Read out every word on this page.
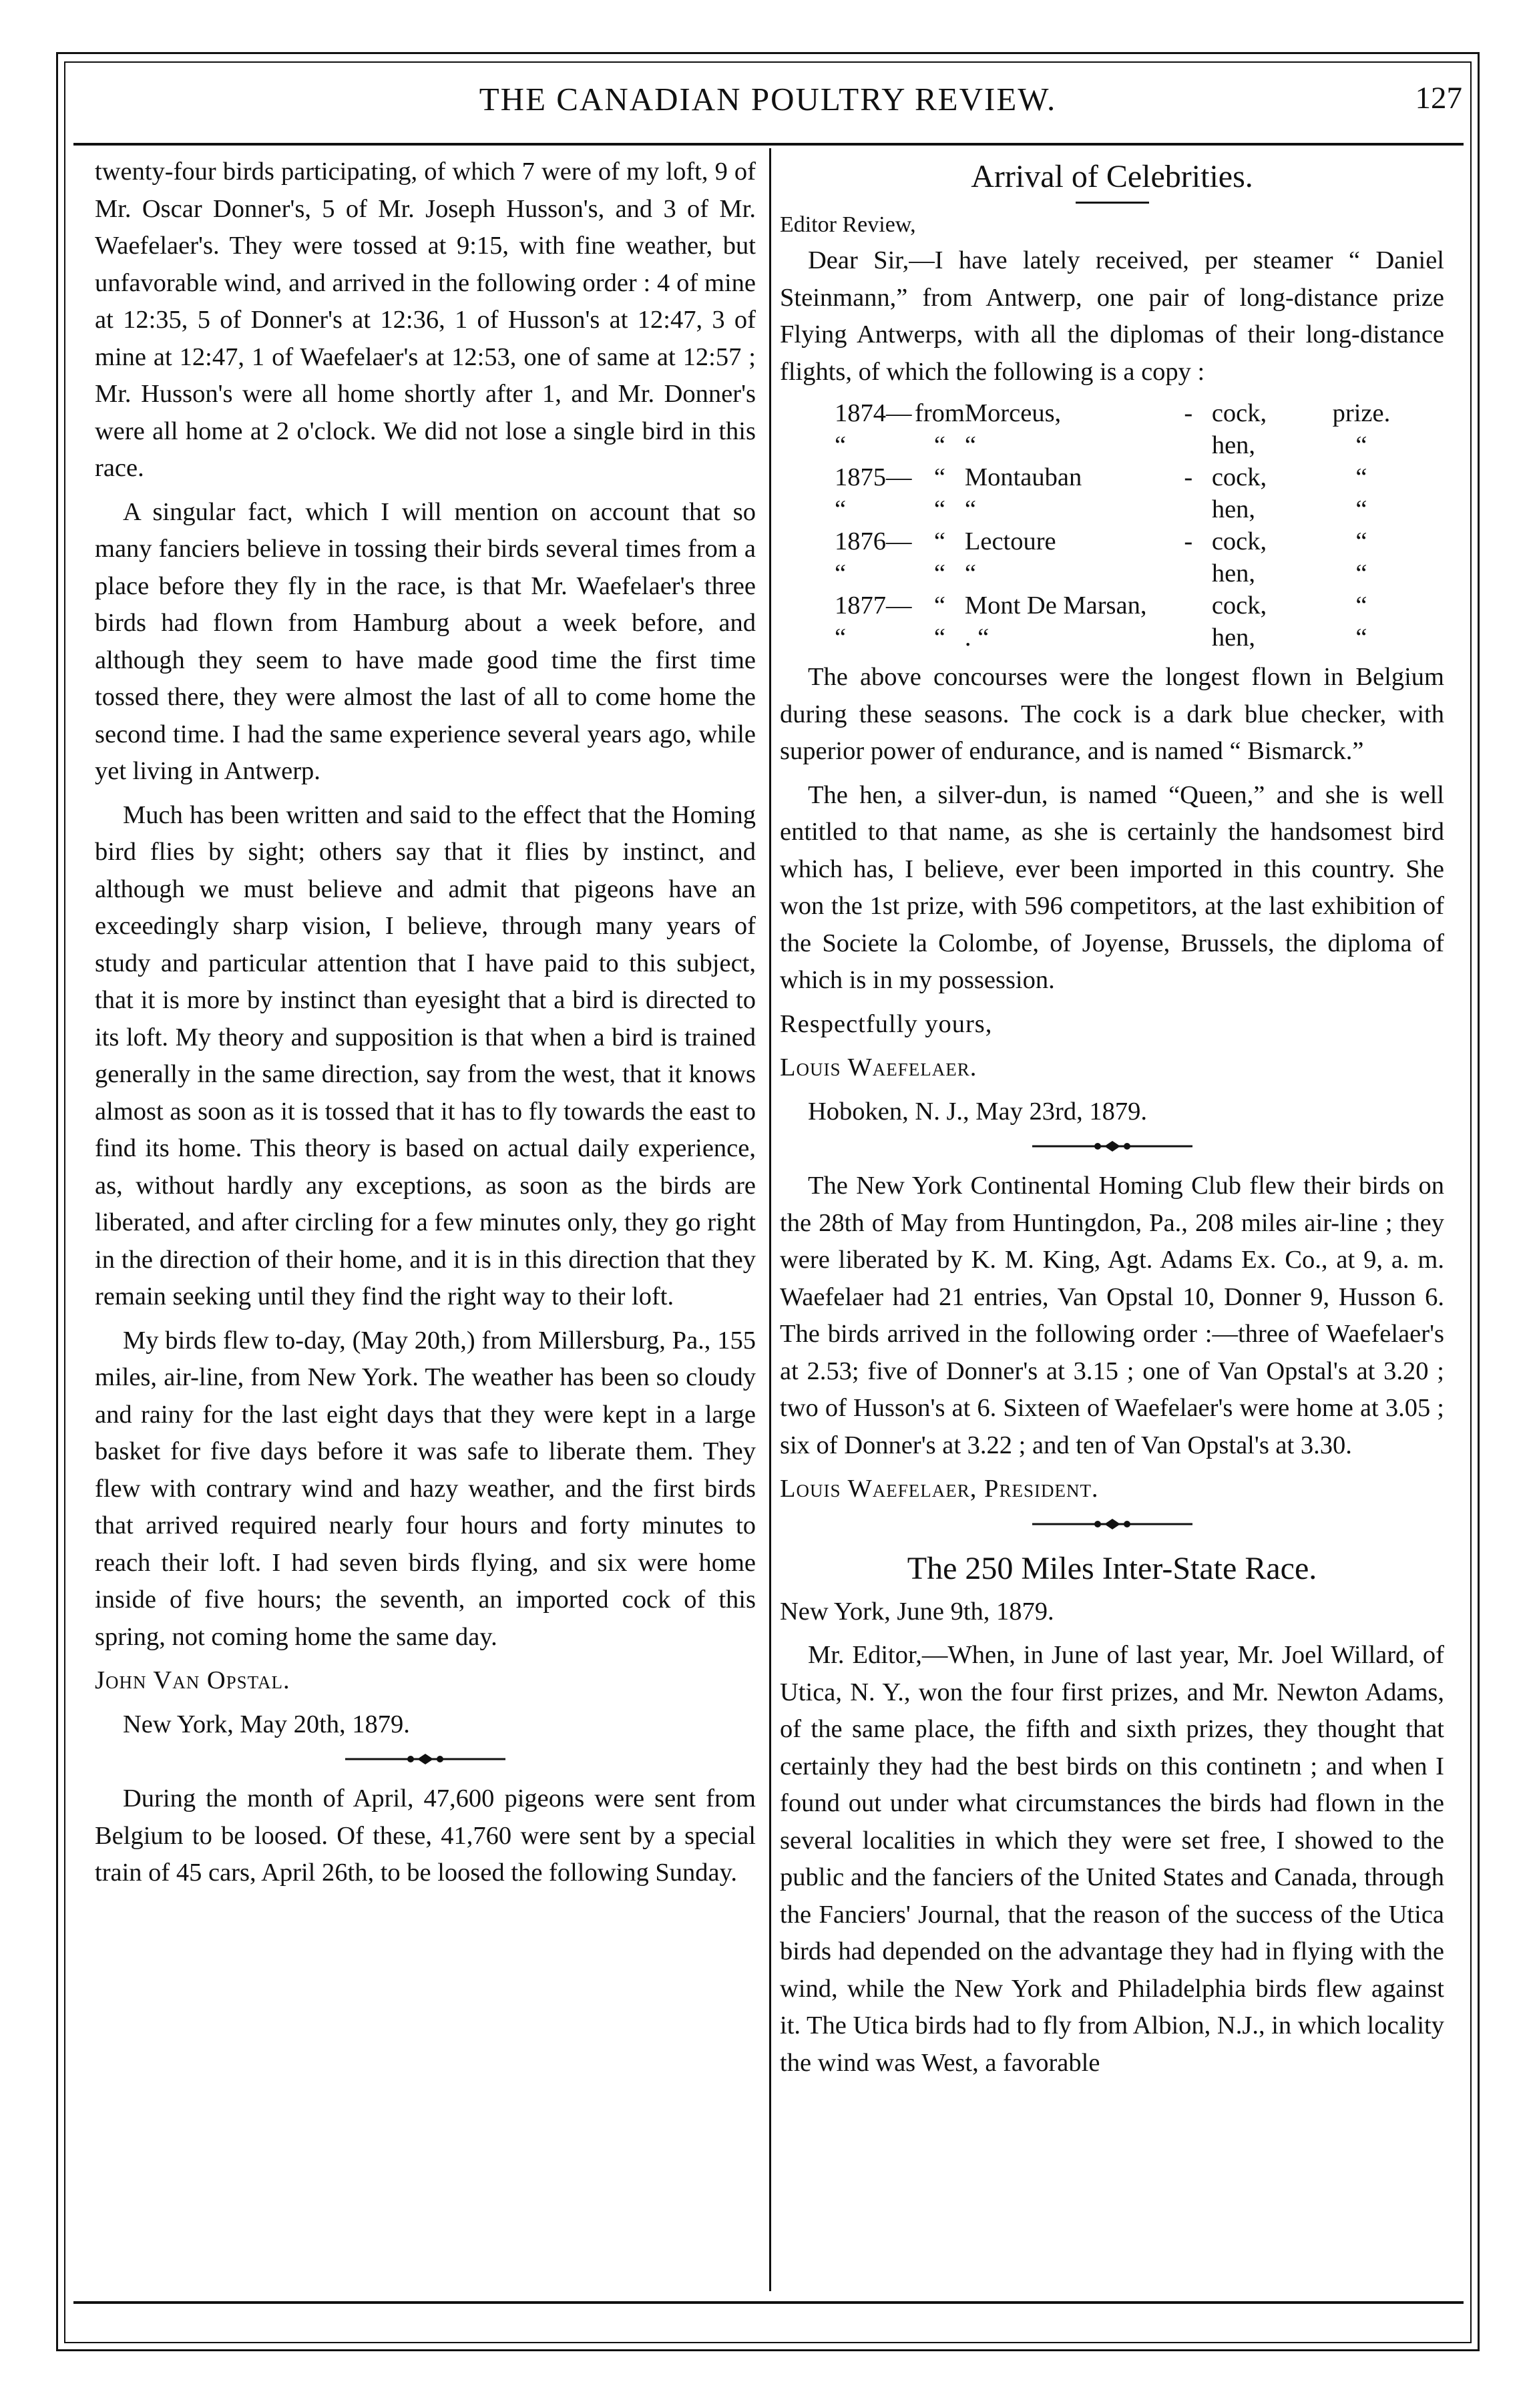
THE CANADIAN POULTRY REVIEW.	127

twenty-four birds participating, of which 7 were of my loft, 9 of Mr. Oscar Donner's, 5 of Mr. Joseph Husson's, and 3 of Mr. Waefelaer's. They were tossed at 9:15, with fine weather, but unfavorable wind, and arrived in the following order : 4 of mine at 12:35, 5 of Donner's at 12:36, 1 of Husson's at 12:47, 3 of mine at 12:47, 1 of Waefelaer's at 12:53, one of same at 12:57 ; Mr. Husson's were all home shortly after 1, and Mr. Donner's were all home at 2 o'clock. We did not lose a single bird in this race.

A singular fact, which I will mention on account that so many fanciers believe in tossing their birds several times from a place before they fly in the race, is that Mr. Waefelaer's three birds had flown from Hamburg about a week before, and although they seem to have made good time the first time tossed there, they were almost the last of all to come home the second time. I had the same experience several years ago, while yet living in Antwerp.

Much has been written and said to the effect that the Homing bird flies by sight; others say that it flies by instinct, and although we must believe and admit that pigeons have an exceedingly sharp vision, I believe, through many years of study and particular attention that I have paid to this subject, that it is more by instinct than eyesight that a bird is directed to its loft. My theory and supposition is that when a bird is trained generally in the same direction, say from the west, that it knows almost as soon as it is tossed that it has to fly towards the east to find its home. This theory is based on actual daily experience, as, without hardly any exceptions, as soon as the birds are liberated, and after circling for a few minutes only, they go right in the direction of their home, and it is in this direction that they remain seeking until they find the right way to their loft.

My birds flew to-day, (May 20th,) from Millersburg, Pa., 155 miles, air-line, from New York. The weather has been so cloudy and rainy for the last eight days that they were kept in a large basket for five days before it was safe to liberate them. They flew with contrary wind and hazy weather, and the first birds that arrived required nearly four hours and forty minutes to reach their loft. I had seven birds flying, and six were home inside of five hours; the seventh, an imported cock of this spring, not coming home the same day.

John Van Opstal.

New York, May 20th, 1879.

During the month of April, 47,600 pigeons were sent from Belgium to be loosed. Of these, 41,760 were sent by a special train of 45 cars, April 26th, to be loosed the following Sunday.

Arrival of Celebrities.

Editor Review,

Dear Sir,—I have lately received, per steamer “ Daniel Steinmann,” from Antwerp, one pair of long-distance prize Flying Antwerps, with all the diplomas of their long-distance flights, of which the following is a copy :

1874—	from	Morceus,	-	cock,	prize.
“	“	“		hen,	“
1875—	“	Montauban	-	cock,	“
“	“	“		hen,	“
1876—	“	Lectoure	-	cock,	“
“	“	“		hen,	“
1877—	“	Mont De Marsan,		cock,	“
“	“	. “		hen,	“

The above concourses were the longest flown in Belgium during these seasons. The cock is a dark blue checker, with superior power of endurance, and is named “ Bismarck.”

The hen, a silver-dun, is named “Queen,” and she is well entitled to that name, as she is certainly the handsomest bird which has, I believe, ever been imported in this country. She won the 1st prize, with 596 competitors, at the last exhibition of the Societe la Colombe, of Joyense, Brussels, the diploma of which is in my possession.

Respectfully yours,

Louis Waefelaer.

Hoboken, N. J., May 23rd, 1879.

The New York Continental Homing Club flew their birds on the 28th of May from Huntingdon, Pa., 208 miles air-line ; they were liberated by K. M. King, Agt. Adams Ex. Co., at 9, a. m. Waefelaer had 21 entries, Van Opstal 10, Donner 9, Husson 6. The birds arrived in the following order :—three of Waefelaer's at 2.53; five of Donner's at 3.15 ; one of Van Opstal's at 3.20 ; two of Husson's at 6. Sixteen of Waefelaer's were home at 3.05 ; six of Donner's at 3.22 ; and ten of Van Opstal's at 3.30.

Louis Waefelaer, President.

The 250 Miles Inter-State Race.

New York, June 9th, 1879.

Mr. Editor,—When, in June of last year, Mr. Joel Willard, of Utica, N. Y., won the four first prizes, and Mr. Newton Adams, of the same place, the fifth and sixth prizes, they thought that certainly they had the best birds on this continetn ; and when I found out under what circumstances the birds had flown in the several localities in which they were set free, I showed to the public and the fanciers of the United States and Canada, through the Fanciers' Journal, that the reason of the success of the Utica birds had depended on the advantage they had in flying with the wind, while the New York and Philadelphia birds flew against it. The Utica birds had to fly from Albion, N.J., in which locality the wind was West, a favorable
